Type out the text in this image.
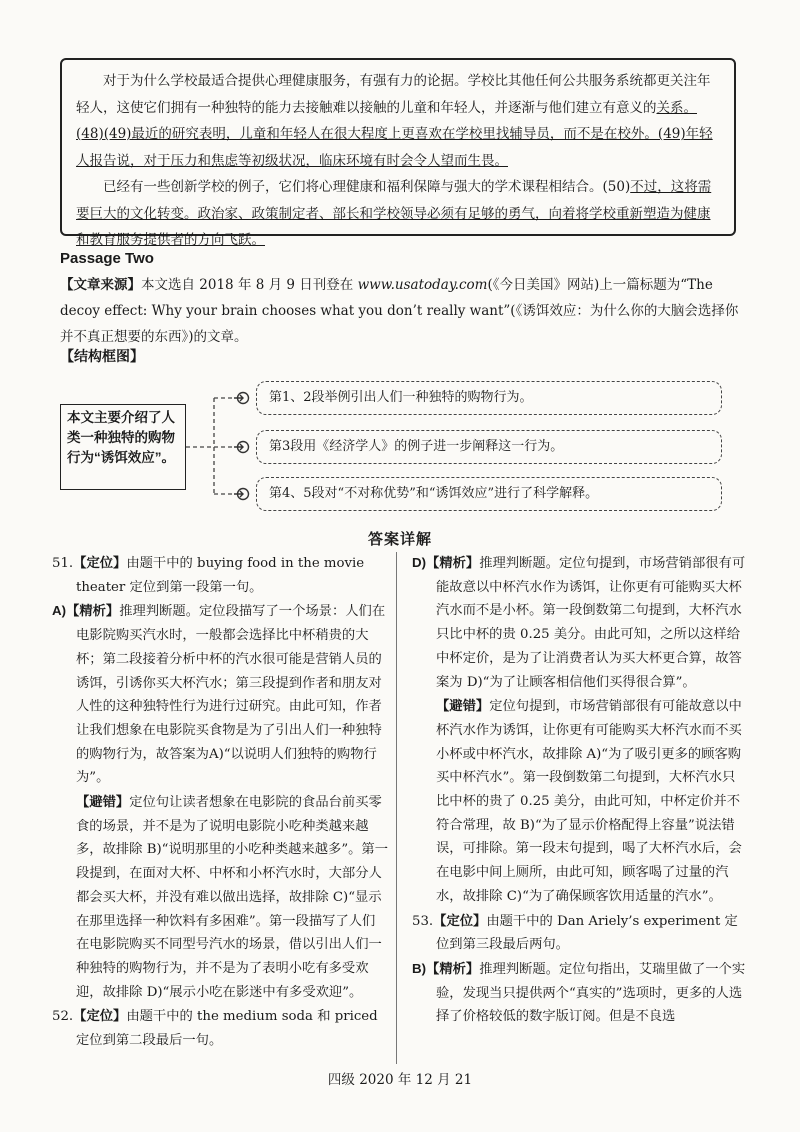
对于为什么学校最适合提供心理健康服务，有强有力的论据。学校比其他任何公共服务系统都更关注年轻人，这使它们拥有一种独特的能力去接触难以接触的儿童和年轻人，并逐渐与他们建立有意义的关系。(48)(49)最近的研究表明，儿童和年轻人在很大程度上更喜欢在学校里找辅导员，而不是在校外。(49)年轻人报告说，对于压力和焦虑等初级状况，临床环境有时会令人望而生畏。

已经有一些创新学校的例子，它们将心理健康和福利保障与强大的学术课程相结合。(50)不过，这将需要巨大的文化转变。政治家、政策制定者、部长和学校领导必须有足够的勇气，向着将学校重新塑造为健康和教育服务提供者的方向飞跃。

Passage Two
【文章来源】本文选自 2018 年 8 月 9 日刊登在 www.usatoday.com(《今日美国》网站)上一篇标题为“The decoy effect: Why your brain chooses what you don’t really want”(《诱饵效应：为什么你的大脑会选择你并不真正想要的东西》)的文章。
【结构框图】
本文主要介绍了人类一种独特的购物行为“诱饵效应”。
第1、2段举例引出人们一种独特的购物行为。
第3段用《经济学人》的例子进一步阐释这一行为。
第4、5段对“不对称优势”和“诱饵效应”进行了科学解释。
答案详解

51.【定位】由题干中的 buying food in the movie theater 定位到第一段第一句。

A)【精析】推理判断题。定位段描写了一个场景：人们在电影院购买汽水时，一般都会选择比中杯稍贵的大杯；第二段接着分析中杯的汽水很可能是营销人员的诱饵，引诱你买大杯汽水；第三段提到作者和朋友对人性的这种独特性行为进行过研究。由此可知，作者让我们想象在电影院买食物是为了引出人们一种独特的购物行为，故答案为A)“以说明人们独特的购物行为”。

【避错】定位句让读者想象在电影院的食品台前买零食的场景，并不是为了说明电影院小吃种类越来越多，故排除 B)“说明那里的小吃种类越来越多”。第一段提到，在面对大杯、中杯和小杯汽水时，大部分人都会买大杯，并没有难以做出选择，故排除 C)“显示在那里选择一种饮料有多困难”。第一段描写了人们在电影院购买不同型号汽水的场景，借以引出人们一种独特的购物行为，并不是为了表明小吃有多受欢迎，故排除 D)“展示小吃在影迷中有多受欢迎”。

52.【定位】由题干中的 the medium soda 和 priced 定位到第二段最后一句。

D)【精析】推理判断题。定位句提到，市场营销部很有可能故意以中杯汽水作为诱饵，让你更有可能购买大杯汽水而不是小杯。第一段倒数第二句提到，大杯汽水只比中杯的贵 0.25 美分。由此可知，之所以这样给中杯定价，是为了让消费者认为买大杯更合算，故答案为 D)“为了让顾客相信他们买得很合算”。

【避错】定位句提到，市场营销部很有可能故意以中杯汽水作为诱饵，让你更有可能购买大杯汽水而不买小杯或中杯汽水，故排除 A)“为了吸引更多的顾客购买中杯汽水”。第一段倒数第二句提到，大杯汽水只比中杯的贵了 0.25 美分，由此可知，中杯定价并不符合常理，故 B)“为了显示价格配得上容量”说法错误，可排除。第一段末句提到，喝了大杯汽水后，会在电影中间上厕所，由此可知，顾客喝了过量的汽水，故排除 C)“为了确保顾客饮用适量的汽水”。

53.【定位】由题干中的 Dan Ariely’s experiment 定位到第三段最后两句。

B)【精析】推理判断题。定位句指出，艾瑞里做了一个实验，发现当只提供两个“真实的”选项时，更多的人选择了价格较低的数字版订阅。但是不良选

四级 2020 年 12 月 21
